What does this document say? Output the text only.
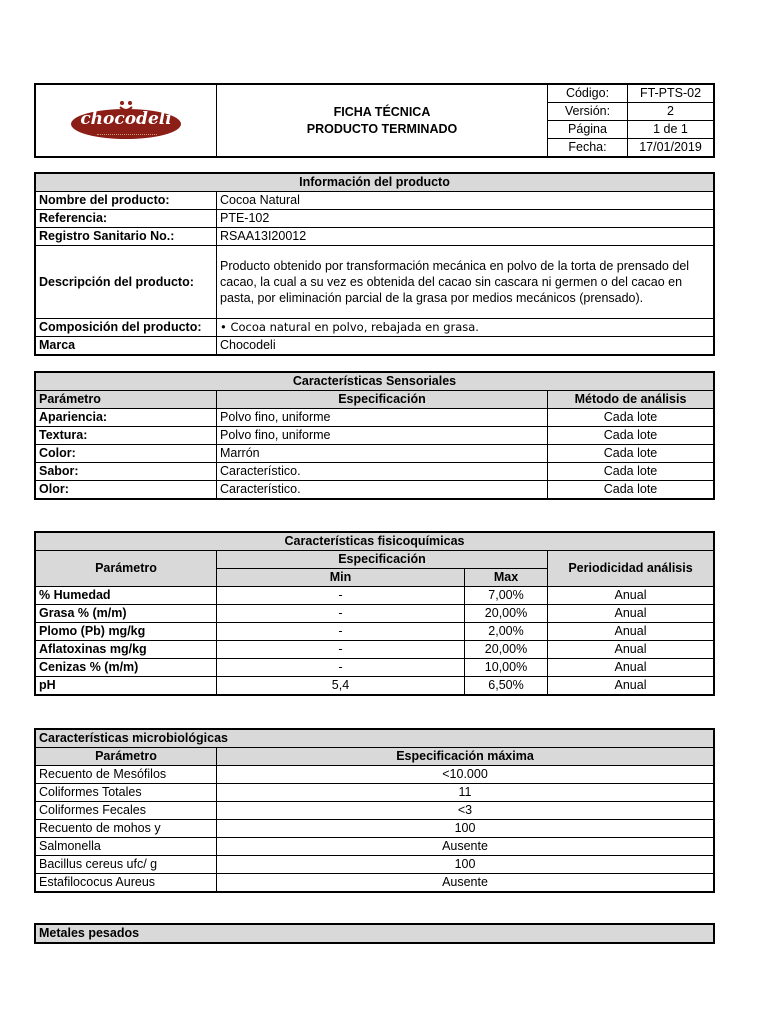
chocodeli	FICHA TÉCNICA
PRODUCTO TERMINADO	Código:	FT-PTS-02
		Versión:	2
		Página	1 de 1
		Fecha:	17/01/2019
Información del producto	
Nombre del producto:	Cocoa Natural
Referencia:	PTE-102
Registro Sanitario No.:	RSAA13I20012
Descripción del producto:	Producto obtenido por transformación mecánica en polvo de la torta de prensado del cacao, la cual a su vez es obtenida del cacao sin cascara ni germen o del cacao en pasta, por eliminación parcial de la grasa por medios mecánicos (prensado).
Composición del producto:	• Cocoa natural en polvo, rebajada en grasa.
Marca	Chocodeli
Características Sensoriales		
Parámetro	Especificación	Método de análisis
Apariencia:	Polvo fino, uniforme	Cada lote
Textura:	Polvo fino, uniforme	Cada lote
Color:	Marrón	Cada lote
Sabor:	Característico.	Cada lote
Olor:	Característico.	Cada lote
Características fisicoquímicas			
Parámetro	Especificación		Periodicidad análisis
	Min	Max	
% Humedad	-	7,00%	Anual
Grasa % (m/m)	-	20,00%	Anual
Plomo (Pb) mg/kg	-	2,00%	Anual
Aflatoxinas mg/kg	-	20,00%	Anual
Cenizas % (m/m)	-	10,00%	Anual
pH	5,4	6,50%	Anual
Características microbiológicas	
Parámetro	Especificación máxima
Recuento de Mesófilos	<10.000
Coliformes Totales	11
Coliformes Fecales	<3
Recuento de mohos y	100
Salmonella	Ausente
Bacillus cereus ufc/ g	100
Estafilococus Aureus	Ausente
Metales pesados
